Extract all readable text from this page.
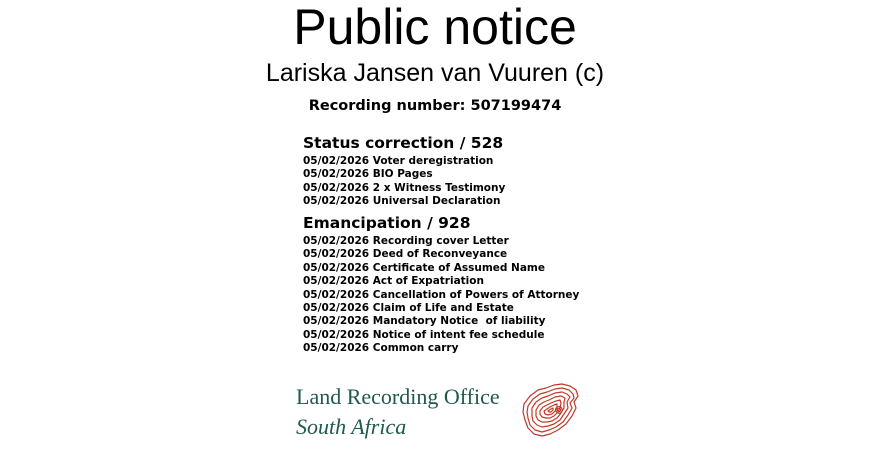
Public notice
Lariska Jansen van Vuuren (c)
Recording number: 507199474
Status correction / 528
05/02/2026 Voter deregistration
05/02/2026 BIO Pages
05/02/2026 2 x Witness Testimony
05/02/2026 Universal Declaration
Emancipation / 928
05/02/2026 Recording cover Letter
05/02/2026 Deed of Reconveyance
05/02/2026 Certificate of Assumed Name
05/02/2026 Act of Expatriation
05/02/2026 Cancellation of Powers of Attorney
05/02/2026 Claim of Life and Estate
05/02/2026 Mandatory Notice  of liability
05/02/2026 Notice of intent fee schedule
05/02/2026 Common carry
Land Recording Office
South Africa
